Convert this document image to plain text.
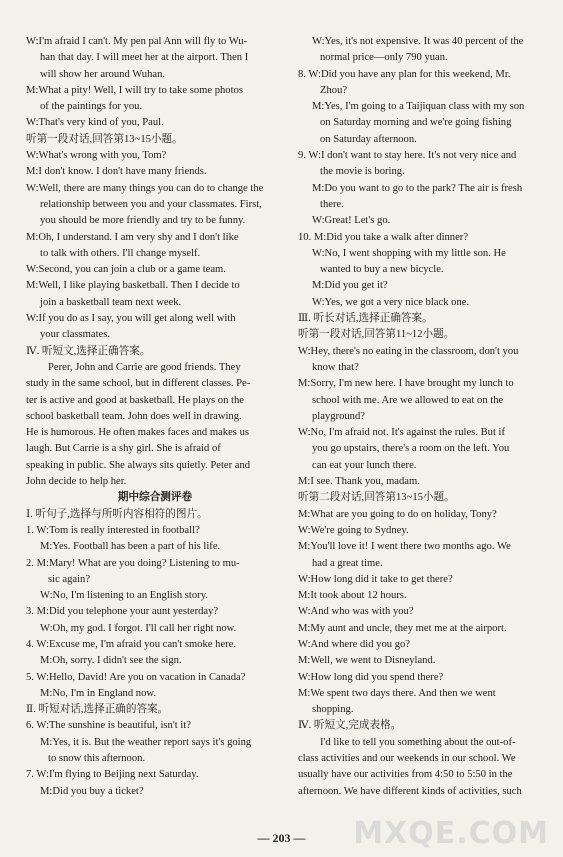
W:I'm afraid I can't. My pen pal Ann will fly to Wu-
han that day. I will meet her at the airport. Then I
will show her around Wuhan.
M:What a pity! Well, I will try to take some photos
of the paintings for you.
W:That's very kind of you, Paul.
听第一段对话,回答第13~15小题。
W:What's wrong with you, Tom?
M:I don't know. I don't have many friends.
W:Well, there are many things you can do to change the
relationship between you and your classmates. First,
you should be more friendly and try to be funny.
M:Oh, I understand. I am very shy and I don't like
to talk with others. I'll change myself.
W:Second, you can join a club or a game team.
M:Well, I like playing basketball. Then I decide to
join a basketball team next week.
W:If you do as I say, you will get along well with
your classmates.
Ⅳ. 听短文,选择正确答案。
Perer, John and Carrie are good friends. They
study in the same school, but in different classes. Pe-
ter is active and good at basketball. He plays on the
school basketball team. John does well in drawing.
He is humorous. He often makes faces and makes us
laugh. But Carrie is a shy girl. She is afraid of
speaking in public. She always sits quietly. Peter and
John decide to help her.
期中综合测评卷
Ⅰ. 听句子,选择与所听内容相符的图片。
1. W:Tom is really interested in football?
M:Yes. Football has been a part of his life.
2. M:Mary! What are you doing? Listening to mu-
sic again?
W:No, I'm listening to an English story.
3. M:Did you telephone your aunt yesterday?
W:Oh, my god. I forgot. I'll call her right now.
4. W:Excuse me, I'm afraid you can't smoke here.
M:Oh, sorry. I didn't see the sign.
5. W:Hello, David! Are you on vacation in Canada?
M:No, I'm in England now.
Ⅱ. 听短对话,选择正确的答案。
6. W:The sunshine is beautiful, isn't it?
M:Yes, it is. But the weather report says it's going
to snow this afternoon.
7. W:I'm flying to Beijing next Saturday.
M:Did you buy a ticket?
W:Yes, it's not expensive. It was 40 percent of the
normal price—only 790 yuan.
8. W:Did you have any plan for this weekend, Mr.
Zhou?
M:Yes, I'm going to a Taijiquan class with my son
on Saturday morning and we're going fishing
on Saturday afternoon.
9. W:I don't want to stay here. It's not very nice and
the movie is boring.
M:Do you want to go to the park? The air is fresh
there.
W:Great! Let's go.
10. M:Did you take a walk after dinner?
W:No, I went shopping with my little son. He
wanted to buy a new bicycle.
M:Did you get it?
W:Yes, we got a very nice black one.
Ⅲ. 听长对话,选择正确答案。
听第一段对话,回答第11~12小题。
W:Hey, there's no eating in the classroom, don't you
know that?
M:Sorry, I'm new here. I have brought my lunch to
school with me. Are we allowed to eat on the
playground?
W:No, I'm afraid not. It's against the rules. But if
you go upstairs, there's a room on the left. You
can eat your lunch there.
M:I see. Thank you, madam.
听第二段对话,回答第13~15小题。
M:What are you going to do on holiday, Tony?
W:We're going to Sydney.
M:You'll love it! I went there two months ago. We
had a great time.
W:How long did it take to get there?
M:It took about 12 hours.
W:And who was with you?
M:My aunt and uncle, they met me at the airport.
W:And where did you go?
M:Well, we went to Disneyland.
W:How long did you spend there?
M:We spent two days there. And then we went
shopping.
Ⅳ. 听短文,完成表格。
I'd like to tell you something about the out-of-
class activities and our weekends in our school. We
usually have our activities from 4:50 to 5:50 in the
afternoon. We have different kinds of activities, such
— 203 —	MXQE.COM
